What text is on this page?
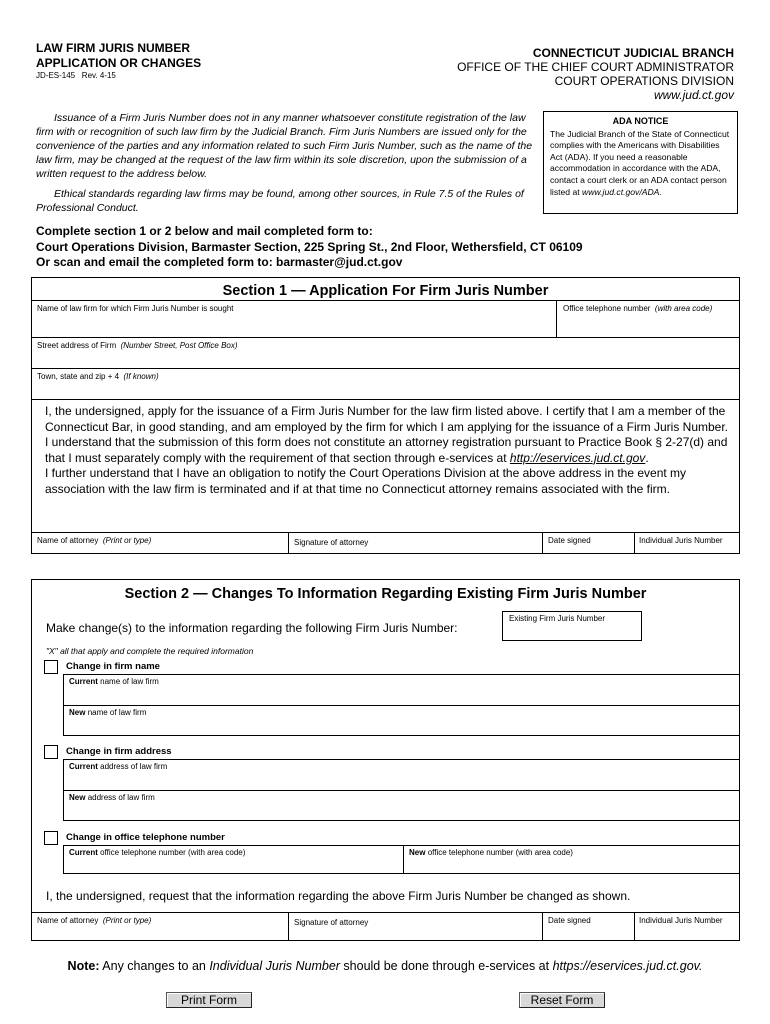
LAW FIRM JURIS NUMBER
APPLICATION OR CHANGES
JD-ES-145   Rev. 4-15
CONNECTICUT JUDICIAL BRANCH
OFFICE OF THE CHIEF COURT ADMINISTRATOR
COURT OPERATIONS DIVISION
www.jud.ct.gov

Issuance of a Firm Juris Number does not in any manner whatsoever constitute registration of the law firm with or recognition of such law firm by the Judicial Branch. Firm Juris Numbers are issued only for the convenience of the parties and any information related to such Firm Juris Number, such as the name of the law firm, may be changed at the request of the law firm within its sole discretion, upon the submission of a written request to the address below.

Ethical standards regarding law firms may be found, among other sources, in Rule 7.5 of the Rules of Professional Conduct.

ADA NOTICE
The Judicial Branch of the State of Connecticut complies with the Americans with Disabilities Act (ADA). If you need a reasonable accommodation in accordance with the ADA, contact a court clerk or an ADA contact person listed at www.jud.ct.gov/ADA.
Complete section 1 or 2 below and mail completed form to:
Court Operations Division, Barmaster Section, 225 Spring St., 2nd Floor, Wethersfield, CT 06109
Or scan and email the completed form to: barmaster@jud.ct.gov
Section 1 — Application For Firm Juris Number
Name of law firm for which Firm Juris Number is sought	Office telephone number (with area code)
Street address of Firm (Number Street, Post Office Box)
Town, state and zip + 4 (If known)
I, the undersigned, apply for the issuance of a Firm Juris Number for the law firm listed above. I certify that I am a member of the Connecticut Bar, in good standing, and am employed by the firm for which I am applying for the issuance of a Firm Juris Number.
I understand that the submission of this form does not constitute an attorney registration pursuant to Practice Book § 2-27(d) and that I must separately comply with the requirement of that section through e-services at http://eservices.jud.ct.gov.
I further understand that I have an obligation to notify the Court Operations Division at the above address in the event my association with the law firm is terminated and if at that time no Connecticut attorney remains associated with the firm.
Name of attorney (Print or type)	Signature of attorney	Date signed	Individual Juris Number
Section 2 — Changes To Information Regarding Existing Firm Juris Number
Make change(s) to the information regarding the following Firm Juris Number:
Existing Firm Juris Number
"X" all that apply and complete the required information
Change in firm name
Current name of law firm
New name of law firm
Change in firm address
Current address of law firm
New address of law firm
Change in office telephone number
Current office telephone number (with area code)	New office telephone number (with area code)
I, the undersigned, request that the information regarding the above Firm Juris Number be changed as shown.
Name of attorney (Print or type)	Signature of attorney	Date signed	Individual Juris Number
Note: Any changes to an Individual Juris Number should be done through e-services at https://eservices.jud.ct.gov.
Print Form	Reset Form
